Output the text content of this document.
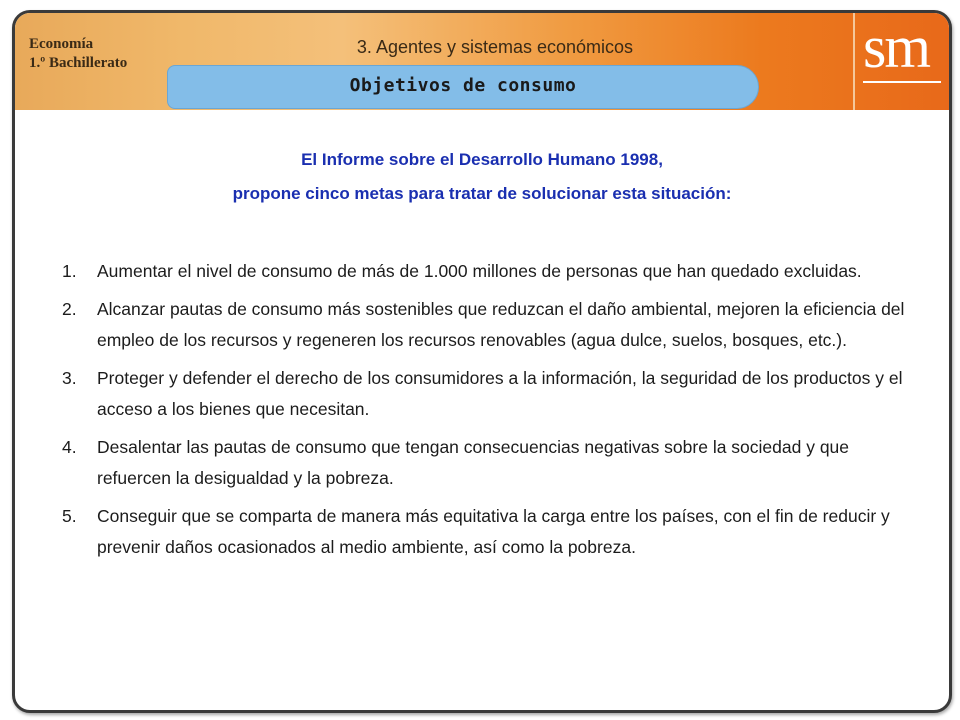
Economía
1.º Bachillerato
3. Agentes y sistemas económicos
Objetivos de consumo
sm
El Informe sobre el Desarrollo Humano 1998,
propone cinco metas para tratar de solucionar esta situación:
1. Aumentar el nivel de consumo de más de 1.000 millones de personas que han quedado excluidas.
2. Alcanzar pautas de consumo más sostenibles que reduzcan el daño ambiental, mejoren la eficiencia del empleo de los recursos y regeneren los recursos renovables (agua dulce, suelos, bosques, etc.).
3. Proteger y defender el derecho de los consumidores a la información, la seguridad de los productos y el acceso a los bienes que necesitan.
4. Desalentar las pautas de consumo que tengan consecuencias negativas sobre la sociedad y que refuercen la desigualdad y la pobreza.
5. Conseguir que se comparta de manera más equitativa la carga entre los países, con el fin de reducir y prevenir daños ocasionados al medio ambiente, así como la pobreza.
